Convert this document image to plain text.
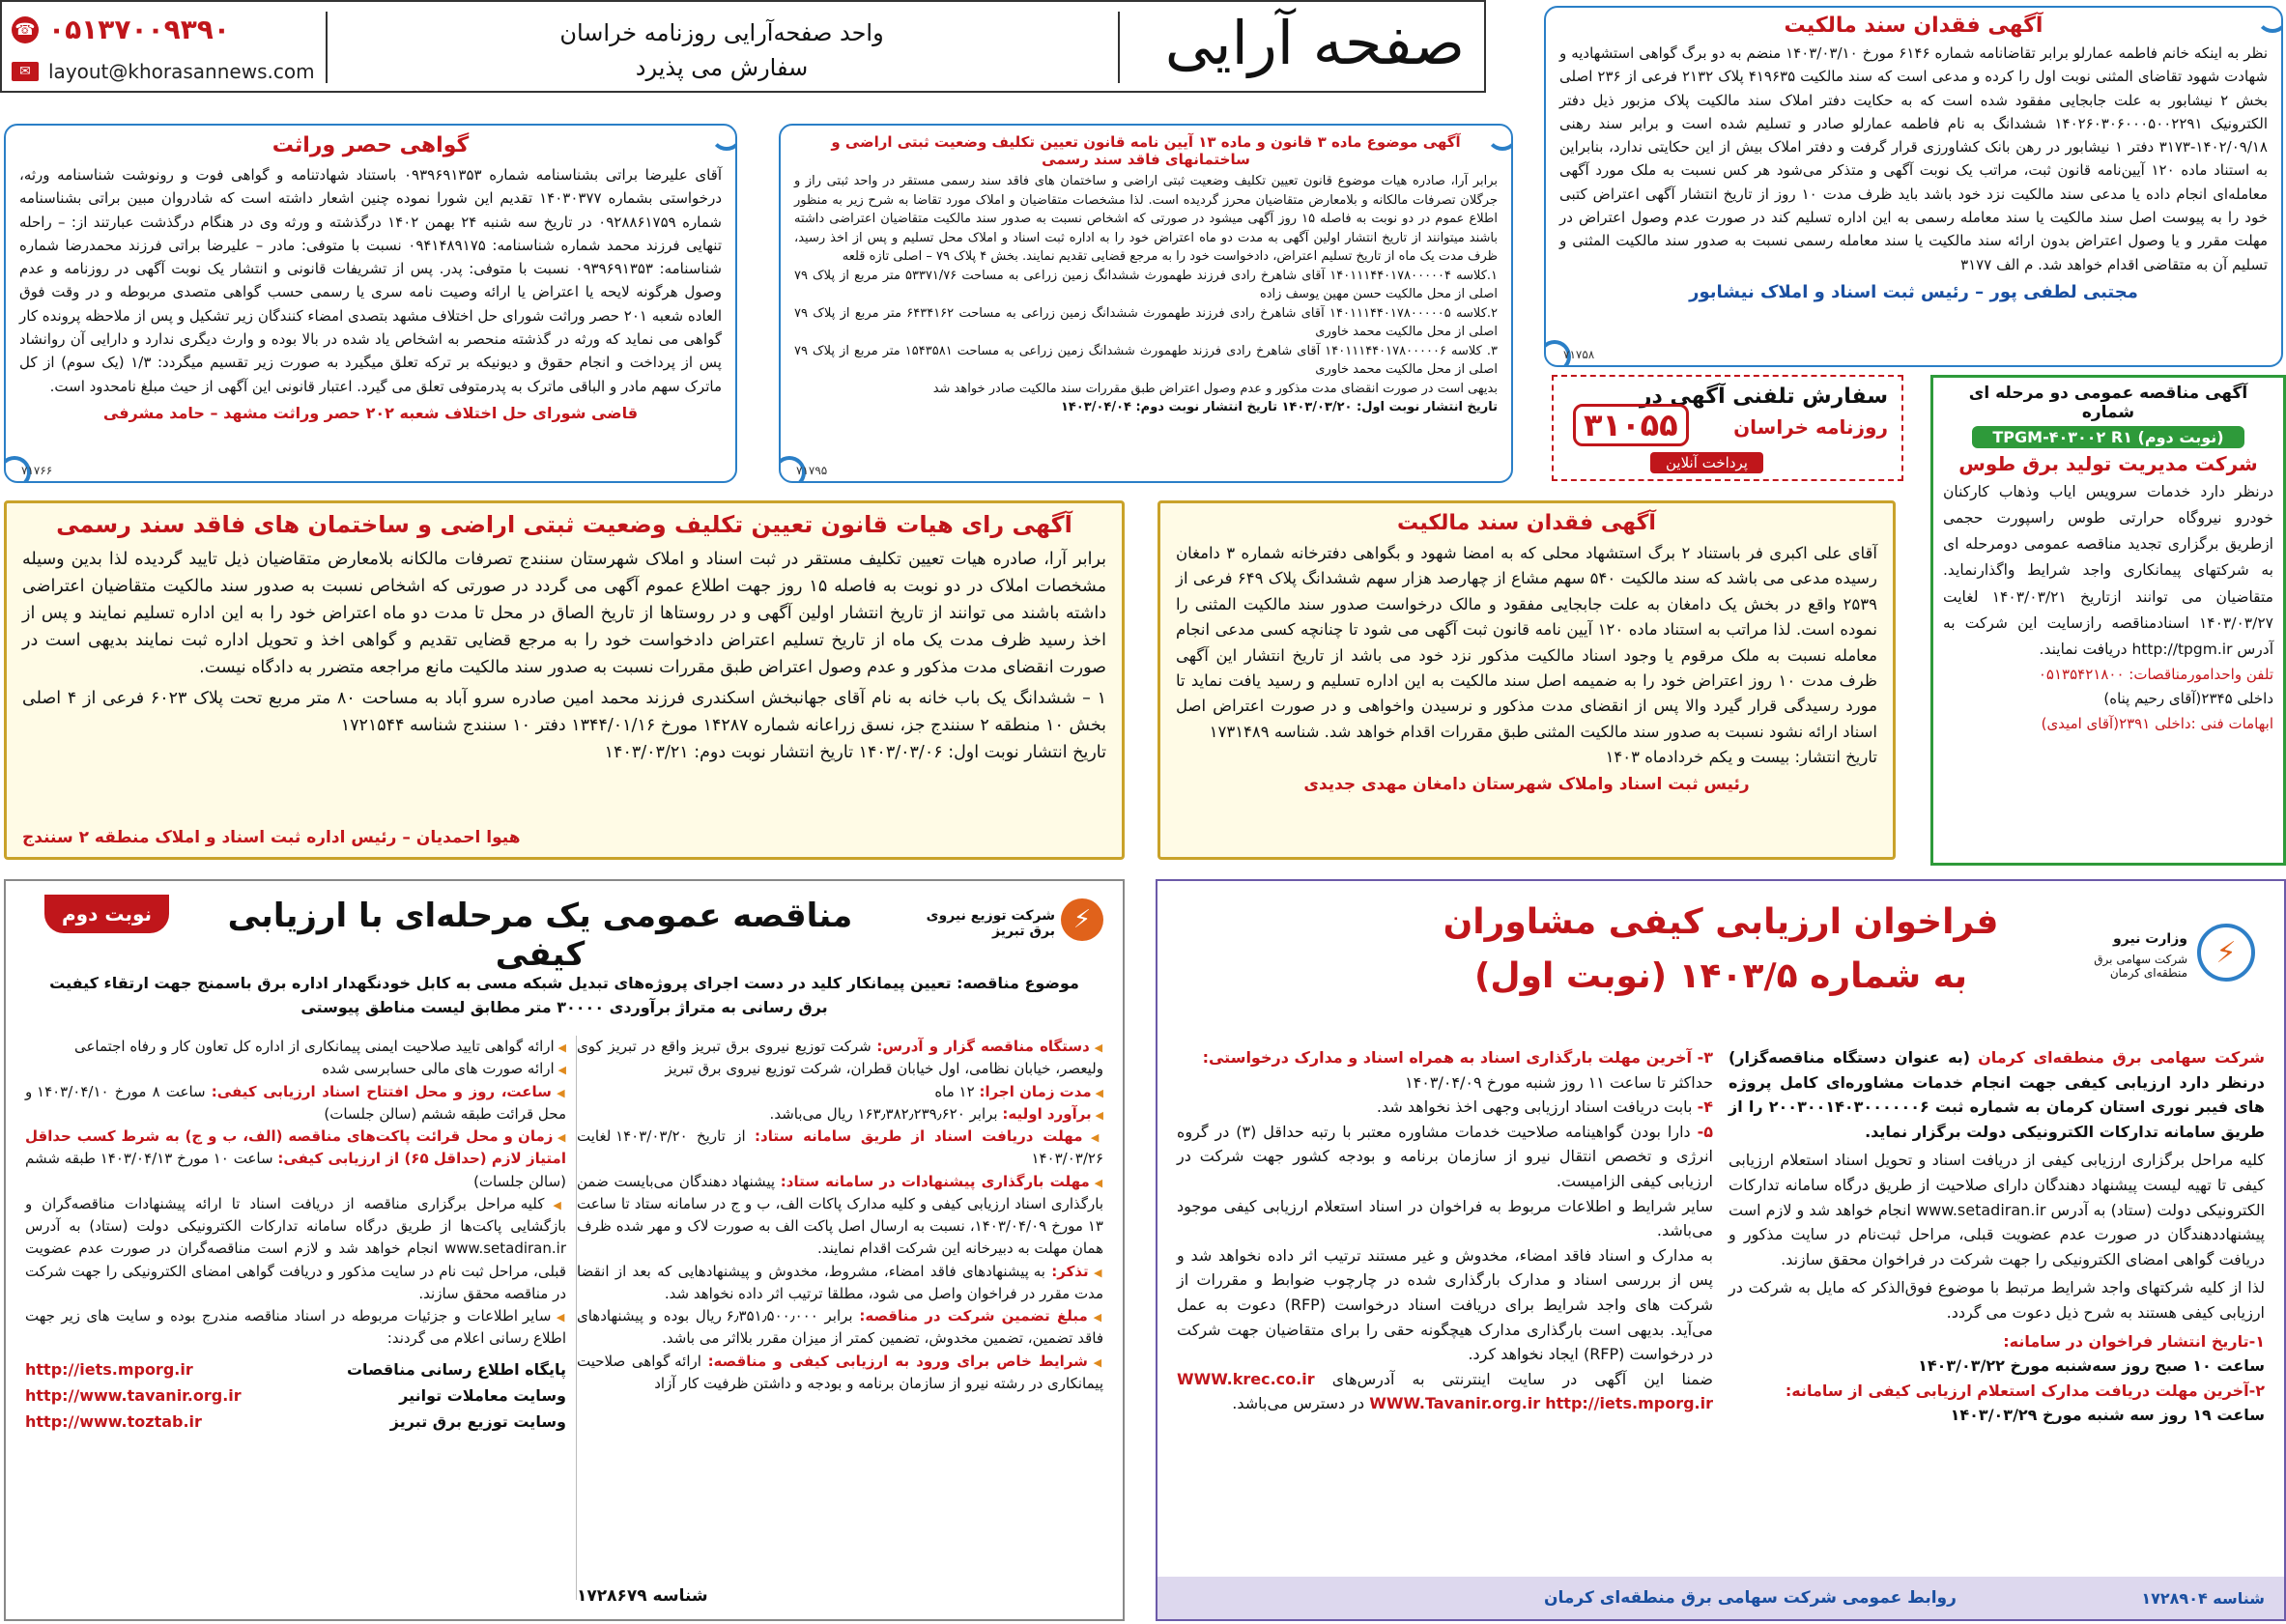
صفحه آرایی
واحد صفحه‌آرایی روزنامه خراسان
سفارش می پذیرد
☎ ۰۵۱۳۷۰۰۹۳۹۰
✉ layout@khorasannews.com
آگهی فقدان سند مالکیت

نظر به اینکه خانم فاطمه عمارلو برابر تقاضانامه شماره ۶۱۴۶ مورخ ۱۴۰۳/۰۳/۱۰ منضم به دو برگ گواهی استشهادیه و شهادت شهود تقاضای المثنی نوبت اول را کرده و مدعی است که سند مالکیت ۴۱۹۶۳۵ پلاک ۲۱۳۲ فرعی از ۲۳۶ اصلی بخش ۲ نیشابور به علت جابجایی مفقود شده است که به حکایت دفتر املاک سند مالکیت پلاک مزبور ذیل دفتر الکترونیک ۱۴۰۲۶۰۳۰۶۰۰۰۵۰۰۲۲۹۱ ششدانگ به نام فاطمه عمارلو صادر و تسلیم شده است و برابر سند رهنی ۱۴۰۲/۰۹/۱۸-۳۱۷۳ دفتر ۱ نیشابور در رهن بانک کشاورزی قرار گرفت و دفتر املاک بیش از این حکایتی ندارد، بنابراین به استناد ماده ۱۲۰ آیین‌نامه قانون ثبت، مراتب یک نوبت آگهی و متذکر می‌شود هر کس نسبت به ملک مورد آگهی معامله‌ای انجام داده یا مدعی سند مالکیت نزد خود باشد باید ظرف مدت ۱۰ روز از تاریخ انتشار آگهی اعتراض کتبی خود را به پیوست اصل سند مالکیت یا سند معامله رسمی به این اداره تسلیم کند در صورت عدم وصول اعتراض در مهلت مقرر و یا وصول اعتراض بدون ارائه سند مالکیت یا سند معامله رسمی نسبت به صدور سند مالکیت المثنی و تسلیم آن به متقاضی اقدام خواهد شد. م الف ۳۱۷۷

مجتبی لطفی پور – رئیس ثبت اسناد و املاک نیشابور
۷۱۷۵۸
گواهی حصر وراثت

آقای علیرضا براتی بشناسنامه شماره ۰۹۳۹۶۹۱۳۵۳ باستناد شهادتنامه و گواهی فوت و رونوشت شناسنامه ورثه، درخواستی بشماره ۱۴۰۳۰۳۷۷ تقدیم این شورا نموده چنین اشعار داشته است که شادروان مبین براتی بشناسنامه شماره ۰۹۲۸۸۶۱۷۵۹ در تاریخ سه شنبه ۲۴ بهمن ۱۴۰۲ درگذشته و ورثه وی در هنگام درگذشت عبارتند از: – راحله تنهایی فرزند محمد شماره شناسنامه: ۰۹۴۱۴۸۹۱۷۵ نسبت با متوفی: مادر – علیرضا براتی فرزند محمدرضا شماره شناسنامه: ۰۹۳۹۶۹۱۳۵۳ نسبت با متوفی: پدر. پس از تشریفات قانونی و انتشار یک نوبت آگهی در روزنامه و عدم وصول هرگونه لایحه یا اعتراض یا ارائه وصیت نامه سری یا رسمی حسب گواهی متصدی مربوطه و در وقت فوق العاده شعبه ۲۰۱ حصر وراثت شورای حل اختلاف مشهد بتصدی امضاء کنندگان زیر تشکیل و پس از ملاحظه پرونده کار گواهی می نماید که ورثه در گذشته منحصر به اشخاص یاد شده در بالا بوده و وارث دیگری ندارد و دارایی آن روانشاد پس از پرداخت و انجام حقوق و دیونیکه بر ترکه تعلق میگیرد به صورت زیر تقسیم میگردد: ۱/۳ (یک سوم) از کل ماترک سهم مادر و الباقی ماترک به پدرمتوفی تعلق می گیرد. اعتبار قانونی این آگهی از حیث مبلغ نامحدود است.

قاضی شورای حل اختلاف شعبه ۲۰۲ حصر وراثت مشهد – حامد مشرفی
۷۱۷۶۶
آگهی موضوع ماده ۳ قانون و ماده ۱۳ آیین نامه قانون تعیین تکلیف وضعیت ثبتی اراضی و ساختمانهای فاقد سند رسمی

برابر آرا، صادره هیات موضوع قانون تعیین تکلیف وضعیت ثبتی اراضی و ساختمان های فاقد سند رسمی مستقر در واحد ثبتی راز و جرگلان تصرفات مالکانه و بلامعارض متقاضیان محرز گردیده است. لذا مشخصات متقاضیان و املاک مورد تقاضا به شرح زیر به منظور اطلاع عموم در دو نوبت به فاصله ۱۵ روز آگهی میشود در صورتی که اشخاص نسبت به صدور سند مالکیت متقاضیان اعتراضی داشته باشند میتوانند از تاریخ انتشار اولین آگهی به مدت دو ماه اعتراض خود را به اداره ثبت اسناد و املاک محل تسلیم و پس از اخذ رسید، ظرف مدت یک ماه از تاریخ تسلیم اعتراض، دادخواست خود را به مرجع قضایی تقدیم نمایند. بخش ۴ پلاک ۷۹ – اصلی تازه قلعه

۱.کلاسه ۱۴۰۱۱۱۴۴۰۱۷۸۰۰۰۰۰۴ آقای شاهرخ رادی فرزند طهمورث ششدانگ زمین زراعی به مساحت ۵۳۳۷۱/۷۶ متر مربع از پلاک ۷۹ اصلی از محل مالکیت حسن مهین یوسف زاده

۲.کلاسه ۱۴۰۱۱۱۴۴۰۱۷۸۰۰۰۰۰۵ آقای شاهرخ رادی فرزند طهمورث ششدانگ زمین زراعی به مساحت ۶۴۳۴۱۶۲ متر مربع از پلاک ۷۹ اصلی از محل مالکیت محمد خاوری

۳. کلاسه ۱۴۰۱۱۱۴۴۰۱۷۸۰۰۰۰۰۶ آقای شاهرخ رادی فرزند طهمورث ششدانگ زمین زراعی به مساحت ۱۵۴۳۵۸۱ متر مربع از پلاک ۷۹ اصلی از محل مالکیت محمد خاوری

بدیهی است در صورت انقضای مدت مذکور و عدم وصول اعتراض طبق مقررات سند مالکیت صادر خواهد شد

تاریخ انتشار نوبت اول: ۱۴۰۳/۰۳/۲۰ تاریخ انتشار نوبت دوم: ۱۴۰۳/۰۴/۰۴

۷۱۷۹۵
سفارش تلفنی آگهی در
روزنامه خراسان
۳۱۰۵۵
پرداخت آنلاین
آگهی مناقصه عمومی دو مرحله ای شماره
TPGM-۴۰۳۰۰۲ R۱ (نوبت دوم)
شرکت مدیریت تولید برق طوس

درنظر دارد خدمات سرویس ایاب وذهاب کارکنان خودرو نیروگاه حرارتی طوس راسپورت حجمی ازطریق برگزاری تجدید مناقصه عمومی دومرحله ای به شرکتهای پیمانکاری واجد شرایط واگذارنماید. متقاضیان می توانند ازتاریخ ۱۴۰۳/۰۳/۲۱ لغایت ۱۴۰۳/۰۳/۲۷ اسنادمناقصه رازسایت این شرکت به آدرس http://tpgm.ir دریافت نمایند.

تلفن واحدامورمناقصات: ۰۵۱۳۵۴۲۱۸۰۰

داخلی ۲۳۴۵(آقای رحیم پناه)

ابهامات فنی :داخلی ۲۳۹۱(آقای امیدی)

آگهی رای هیات قانون تعیین تکلیف وضعیت ثبتی اراضی و ساختمان های فاقد سند رسمی

برابر آرا، صادره هیات تعیین تکلیف مستقر در ثبت اسناد و املاک شهرستان سنندج تصرفات مالکانه بلامعارض متقاضیان ذیل تایید گردیده لذا بدین وسیله مشخصات املاک در دو نوبت به فاصله ۱۵ روز جهت اطلاع عموم آگهی می گردد در صورتی که اشخاص نسبت به صدور سند مالکیت متقاضیان اعتراضی داشته باشند می توانند از تاریخ انتشار اولین آگهی و در روستاها از تاریخ الصاق در محل تا مدت دو ماه اعتراض خود را به این اداره تسلیم نمایند و پس از اخذ رسید ظرف مدت یک ماه از تاریخ تسلیم اعتراض دادخواست خود را به مرجع قضایی تقدیم و گواهی اخذ و تحویل اداره ثبت نمایند بدیهی است در صورت انقضای مدت مذکور و عدم وصول اعتراض طبق مقررات نسبت به صدور سند مالکیت مانع مراجعه متضرر به دادگاه نیست.

۱ – ششدانگ یک باب خانه به نام آقای جهانبخش اسکندری فرزند محمد امین صادره سرو آباد به مساحت ۸۰ متر مربع تحت پلاک ۶۰۲۳ فرعی از ۴ اصلی بخش ۱۰ منطقه ۲ سنندج جز، نسق زراعانه شماره ۱۴۲۸۷ مورخ ۱۳۴۴/۰۱/۱۶ دفتر ۱۰ سنندج شناسه ۱۷۲۱۵۴۴

تاریخ انتشار نوبت اول: ۱۴۰۳/۰۳/۰۶ تاریخ انتشار نوبت دوم: ۱۴۰۳/۰۳/۲۱

هیوا احمدیان – رئیس اداره ثبت اسناد و املاک منطقه ۲ سنندج
آگهی فقدان سند مالکیت

آقای علی اکبری فر باستناد ۲ برگ استشهاد محلی که به امضا شهود و بگواهی دفترخانه شماره ۳ دامغان رسیده مدعی می باشد که سند مالکیت ۵۴۰ سهم مشاع از چهارصد هزار سهم ششدانگ پلاک ۶۴۹ فرعی از ۲۵۳۹ واقع در بخش یک دامغان به علت جابجایی مفقود و مالک درخواست صدور سند مالکیت المثنی را نموده است. لذا مراتب به استناد ماده ۱۲۰ آیین نامه قانون ثبت آگهی می شود تا چنانچه کسی مدعی انجام معامله نسبت به ملک مرقوم یا وجود اسناد مالکیت مذکور نزد خود می باشد از تاریخ انتشار این آگهی ظرف مدت ۱۰ روز اعتراض خود را به ضمیمه اصل سند مالکیت به این اداره تسلیم و رسید یافت نماید تا مورد رسیدگی قرار گیرد والا پس از انقضای مدت مذکور و نرسیدن واخواهی و در صورت اعتراض اصل اسناد ارائه نشود نسبت به صدور سند مالکیت المثنی طبق مقررات اقدام خواهد شد. شناسه ۱۷۳۱۴۸۹

تاریخ انتشار: بیست و یکم خردادماه ۱۴۰۳

رئیس ثبت اسناد واملاک شهرستان دامغان مهدی جدیدی
نوبت دوم	مناقصه عمومی یک مرحله‌ای با ارزیابی کیفی
⚡
شرکت توزیع نیروی برق تبریز
موضوع مناقصه: تعیین پیمانکار کلید در دست اجرای پروژه‌های تبدیل شبکه مسی به کابل خودنگهدار اداره برق باسمنج جهت ارتقاء کیفیت برق رسانی به متراژ برآوردی ۳۰۰۰۰ متر مطابق لیست مناطق پیوستی
◀ دستگاه مناقصه گزار و آدرس: شرکت توزیع نیروی برق تبریز واقع در تبریز کوی ولیعصر، خیابان نظامی، اول خیابان قطران، شرکت توزیع نیروی برق تبریز
◀ مدت زمان اجرا: ۱۲ ماه
◀ برآورد اولیه: برابر ۱۶۳٫۳۸۲٫۲۳۹٫۶۲۰ ریال می‌باشد.
◀ مهلت دریافت اسناد از طریق سامانه ستاد: از تاریخ ۱۴۰۳/۰۳/۲۰ لغایت ۱۴۰۳/۰۳/۲۶
◀ مهلت بارگذاری پیشنهادات در سامانه ستاد: پیشنهاد دهندگان می‌بایست ضمن بارگذاری اسناد ارزیابی کیفی و کلیه مدارک پاکات الف، ب و ج در سامانه ستاد تا ساعت ۱۳ مورخ ۱۴۰۳/۰۴/۰۹، نسبت به ارسال اصل پاکت الف به صورت لاک و مهر شده ظرف همان مهلت به دبیرخانه این شرکت اقدام نمایند.
◀ تذکر: به پیشنهادهای فاقد امضاء، مشروط، مخدوش و پیشنهادهایی که بعد از انقضا مدت مقرر در فراخوان واصل می شود، مطلقا ترتیب اثر داده نخواهد شد.
◀ مبلغ تضمین شرکت در مناقصه: برابر ۶٫۳۵۱٫۵۰۰٫۰۰۰ ریال بوده و پیشنهادهای فاقد تضمین، تضمین مخدوش، تضمین کمتر از میزان مقرر بلااثر می باشد.
◀ شرایط خاص برای ورود به ارزیابی کیفی و مناقصه: ارائه گواهی صلاحیت پیمانکاری در رشته نیرو از سازمان برنامه و بودجه و داشتن ظرفیت کار آزاد
شناسه ۱۷۲۸۶۷۹
◀ ارائه گواهی تایید صلاحیت ایمنی پیمانکاری از اداره کل تعاون کار و رفاه اجتماعی
◀ ارائه صورت های مالی حسابرسی شده
◀ ساعت، روز و محل افتتاح اسناد ارزیابی کیفی: ساعت ۸ مورخ ۱۴۰۳/۰۴/۱۰ و محل قرائت طبقه ششم (سالن جلسات)
◀ زمان و محل قرائت پاکت‌های مناقصه (الف، ب و ج) به شرط کسب حداقل امتیاز لازم (حداقل ۶۵) از ارزیابی کیفی: ساعت ۱۰ مورخ ۱۴۰۳/۰۴/۱۳ طبقه ششم (سالن جلسات)
◀ کلیه مراحل برگزاری مناقصه از دریافت اسناد تا ارائه پیشنهادات مناقصه‌گران و بازگشایی پاکت‌ها از طریق درگاه سامانه تدارکات الکترونیکی دولت (ستاد) به آدرس www.setadiran.ir انجام خواهد شد و لازم است مناقصه‌گران در صورت عدم عضویت قبلی، مراحل ثبت نام در سایت مذکور و دریافت گواهی امضای الکترونیکی را جهت شرکت در مناقصه محقق سازند.
◀ سایر اطلاعات و جزئیات مربوطه در اسناد مناقصه مندرج بوده و سایت های زیر جهت اطلاع رسانی اعلام می گردند:
پایگاه اطلاع رسانی مناقصات
http://iets.mporg.ir
وسایت معاملات توانیر
http://www.tavanir.org.ir
وسایت توزیع برق تبریز
http://www.toztab.ir
فراخوان ارزیابی کیفی مشاوران
به شماره ۱۴۰۳/۵ (نوبت اول)
⚡
وزارت نیرو
شرکت سهامی برق منطقه‌ای کرمان

شرکت سهامی برق منطقه‌ای کرمان (به عنوان دستگاه مناقصه‌گزار) درنظر دارد ارزیابی کیفی جهت انجام خدمات مشاوره‌ای کامل پروژه های فیبر نوری استان کرمان به شماره ثبت ۲۰۰۳۰۰۱۴۰۳۰۰۰۰۰۰۶ را از طریق سامانه تدارکات الکترونیکی دولت برگزار نماید.

کلیه مراحل برگزاری ارزیابی کیفی از دریافت اسناد و تحویل اسناد استعلام ارزیابی کیفی تا تهیه لیست پیشنهاد دهندگان دارای صلاحیت از طریق درگاه سامانه تدارکات الکترونیکی دولت (ستاد) به آدرس www.setadiran.ir انجام خواهد شد و لازم است پیشنهاددهندگان در صورت عدم عضویت قبلی، مراحل ثبت‌نام در سایت مذکور و دریافت گواهی امضای الکترونیکی را جهت شرکت در فراخوان محقق سازند.

لذا از کلیه شرکتهای واجد شرایط مرتبط با موضوع فوق‌الذکر که مایل به شرکت در ارزیابی کیفی هستند به شرح ذیل دعوت می گردد.

۱-تاریخ انتشار فراخوان در سامانه:

ساعت ۱۰ صبح روز سه‌شنبه مورخ ۱۴۰۳/۰۳/۲۲

۲-آخرین مهلت دریافت مدارک استعلام ارزیابی کیفی از سامانه:

ساعت ۱۹ روز سه شنبه مورخ ۱۴۰۳/۰۳/۲۹

۳- آخرین مهلت بارگذاری اسناد به همراه اسناد و مدارک درخواستی:

حداکثر تا ساعت ۱۱ روز شنبه مورخ ۱۴۰۳/۰۴/۰۹

۴- بابت دریافت اسناد ارزیابی وجهی اخذ نخواهد شد.

۵- دارا بودن گواهینامه صلاحیت خدمات مشاوره معتبر با رتبه حداقل (۳) در گروه انرژی و تخصص انتقال نیرو از سازمان برنامه و بودجه کشور جهت شرکت در ارزیابی کیفی الزامیست.

سایر شرایط و اطلاعات مربوط به فراخوان در اسناد استعلام ارزیابی کیفی موجود می‌باشد.

به مدارک و اسناد فاقد امضاء، مخدوش و غیر مستند ترتیب اثر داده نخواهد شد و پس از بررسی اسناد و مدارک بارگذاری شده در چارچوب ضوابط و مقررات از شرکت های واجد شرایط برای دریافت اسناد درخواست (RFP) دعوت به عمل می‌آید. بدیهی است بارگذاری مدارک هیچگونه حقی را برای متقاضیان جهت شرکت در درخواست (RFP) ایجاد نخواهد کرد.

ضمنا این آگهی در سایت اینترنتی به آدرس‌های WWW.krec.co.ir WWW.Tavanir.org.ir http://iets.mporg.ir در دسترس می‌باشد.

شناسه ۱۷۲۸۹۰۴
روابط عمومی شرکت سهامی برق منطقه‌ای کرمان
